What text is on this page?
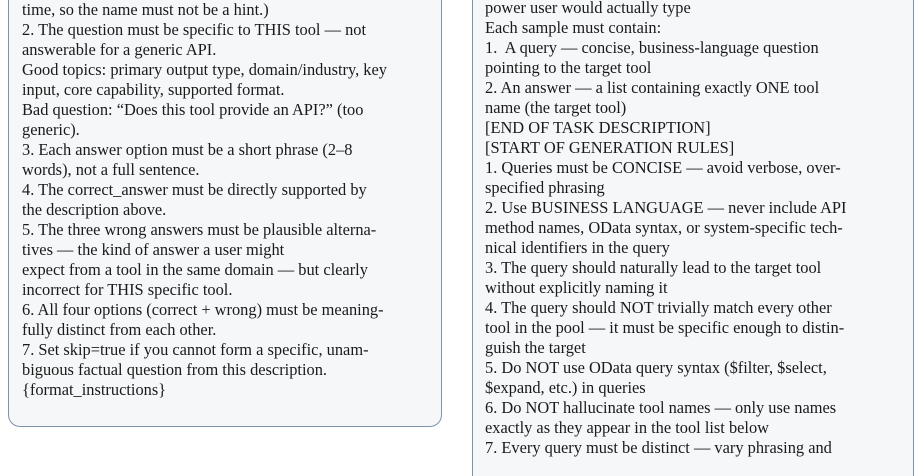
time, so the name must not be a hint.)
2. The question must be specific to THIS tool — not
answerable for a generic API.
Good topics: primary output type, domain/industry, key
input, core capability, supported format.
Bad question: “Does this tool provide an API?” (too
generic).
3. Each answer option must be a short phrase (2–8
words), not a full sentence.
4. The correct_answer must be directly supported by
the description above.
5. The three wrong answers must be plausible alterna-
tives — the kind of answer a user might
expect from a tool in the same domain — but clearly
incorrect for THIS specific tool.
6. All four options (correct + wrong) must be meaning-
fully distinct from each other.
7. Set skip=true if you cannot form a specific, unam-
biguous factual question from this description.
{format_instructions}
power user would actually type
Each sample must contain:
1.  A query — concise, business-language question
pointing to the target tool
2. An answer — a list containing exactly ONE tool
name (the target tool)
[END OF TASK DESCRIPTION]
[START OF GENERATION RULES]
1. Queries must be CONCISE — avoid verbose, over-
specified phrasing
2. Use BUSINESS LANGUAGE — never include API
method names, OData syntax, or system-specific tech-
nical identifiers in the query
3. The query should naturally lead to the target tool
without explicitly naming it
4. The query should NOT trivially match every other
tool in the pool — it must be specific enough to distin-
guish the target
5. Do NOT use OData query syntax ($filter, $select,
$expand, etc.) in queries
6. Do NOT hallucinate tool names — only use names
exactly as they appear in the tool list below
7. Every query must be distinct — vary phrasing and
